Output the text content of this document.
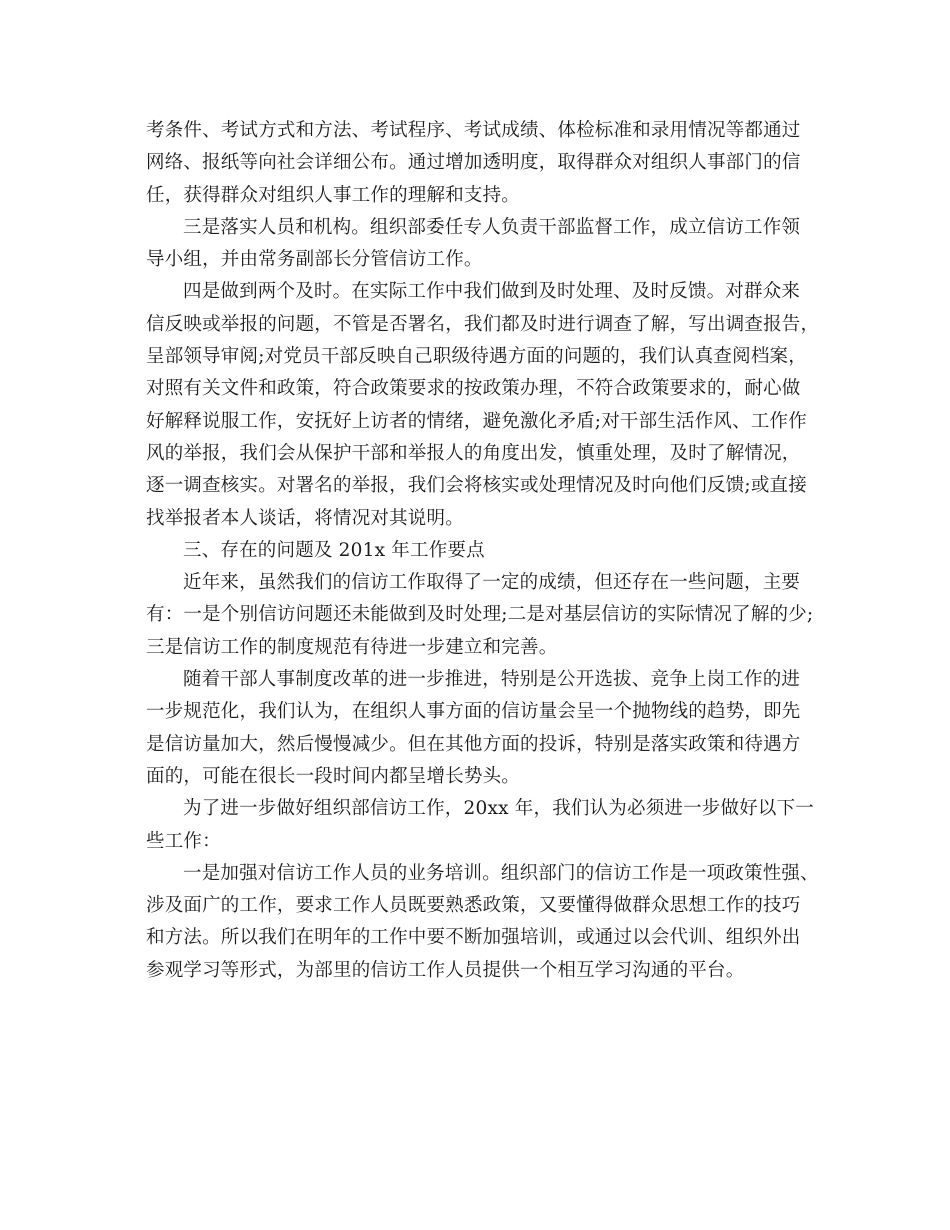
考条件、考试方式和方法、考试程序、考试成绩、体检标准和录用情况等都通过
网络、报纸等向社会详细公布。通过增加透明度，取得群众对组织人事部门的信
任，获得群众对组织人事工作的理解和支持。
三是落实人员和机构。组织部委任专人负责干部监督工作，成立信访工作领
导小组，并由常务副部长分管信访工作。
四是做到两个及时。在实际工作中我们做到及时处理、及时反馈。对群众来
信反映或举报的问题，不管是否署名，我们都及时进行调查了解，写出调查报告，
呈部领导审阅;对党员干部反映自己职级待遇方面的问题的，我们认真查阅档案，
对照有关文件和政策，符合政策要求的按政策办理，不符合政策要求的，耐心做
好解释说服工作，安抚好上访者的情绪，避免激化矛盾;对干部生活作风、工作作
风的举报，我们会从保护干部和举报人的角度出发，慎重处理，及时了解情况，
逐一调查核实。对署名的举报，我们会将核实或处理情况及时向他们反馈;或直接
找举报者本人谈话，将情况对其说明。
三、存在的问题及 201x 年工作要点
近年来，虽然我们的信访工作取得了一定的成绩，但还存在一些问题，主要
有：一是个别信访问题还未能做到及时处理;二是对基层信访的实际情况了解的少;
三是信访工作的制度规范有待进一步建立和完善。
随着干部人事制度改革的进一步推进，特别是公开选拔、竞争上岗工作的进
一步规范化，我们认为，在组织人事方面的信访量会呈一个抛物线的趋势，即先
是信访量加大，然后慢慢减少。但在其他方面的投诉，特别是落实政策和待遇方
面的，可能在很长一段时间内都呈增长势头。
为了进一步做好组织部信访工作，20xx 年，我们认为必须进一步做好以下一
些工作：
一是加强对信访工作人员的业务培训。组织部门的信访工作是一项政策性强、
涉及面广的工作，要求工作人员既要熟悉政策，又要懂得做群众思想工作的技巧
和方法。所以我们在明年的工作中要不断加强培训，或通过以会代训、组织外出
参观学习等形式，为部里的信访工作人员提供一个相互学习沟通的平台。
